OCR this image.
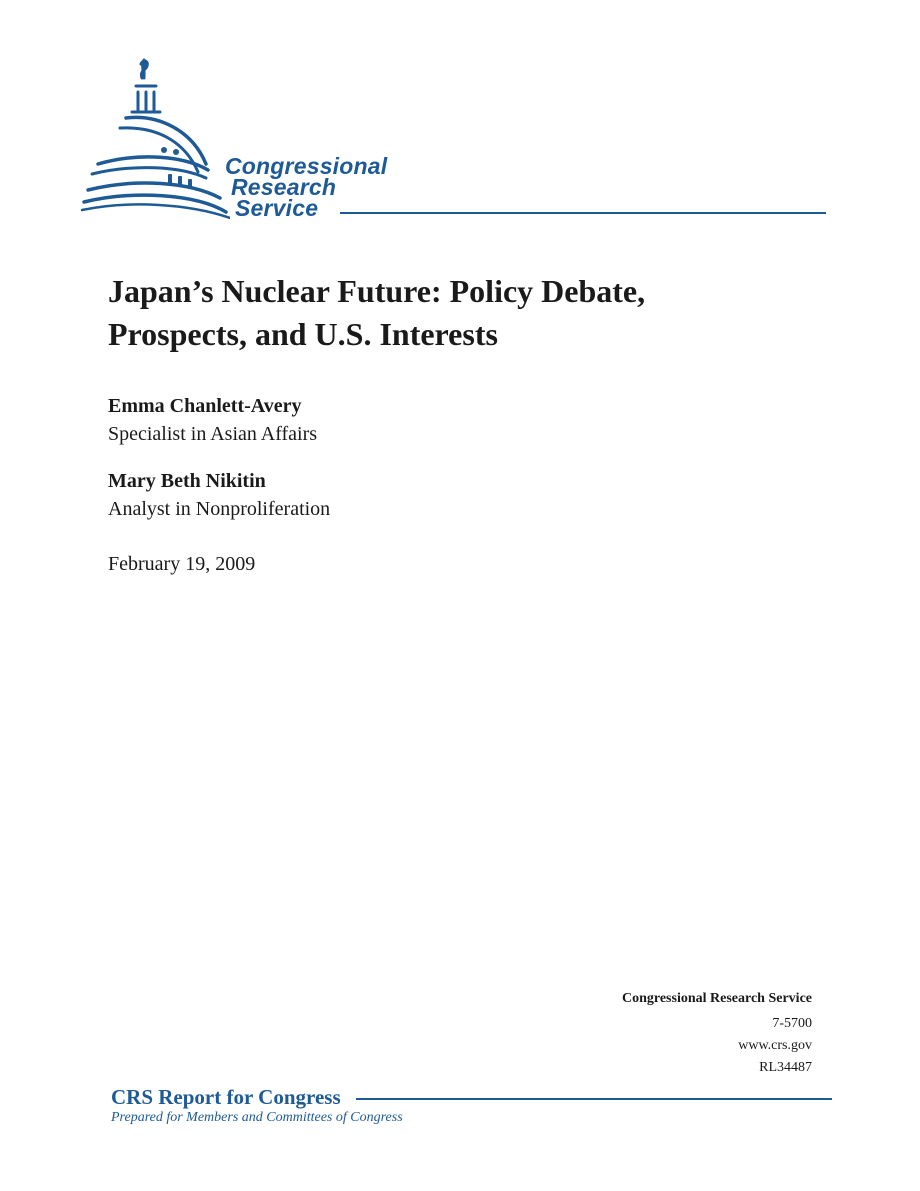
Congressional
Research
Service
Japan’s Nuclear Future: Policy Debate,
Prospects, and U.S. Interests
Emma Chanlett-Avery
Specialist in Asian Affairs
Mary Beth Nikitin
Analyst in Nonproliferation
February 19, 2009
Congressional Research Service
7-5700
www.crs.gov
RL34487
CRS Report for Congress
Prepared for Members and Committees of Congress
